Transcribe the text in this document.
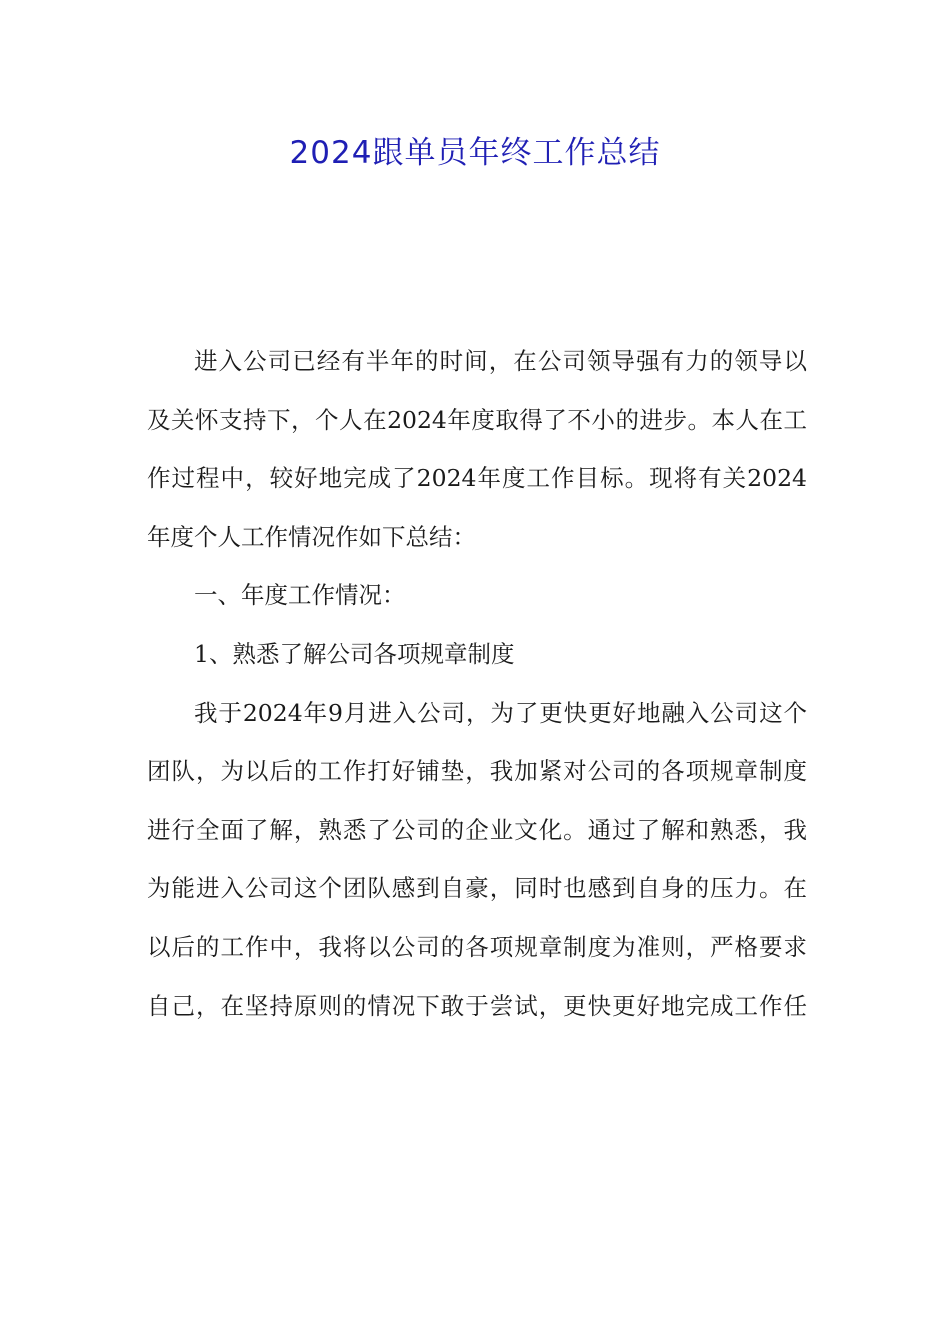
2024跟单员年终工作总结
进入公司已经有半年的时间，在公司领导强有力的领导以
及关怀支持下，个人在2024年度取得了不小的进步。本人在工
作过程中，较好地完成了2024年度工作目标。现将有关2024
年度个人工作情况作如下总结：
一、年度工作情况：
1、熟悉了解公司各项规章制度
我于2024年9月进入公司，为了更快更好地融入公司这个
团队，为以后的工作打好铺垫，我加紧对公司的各项规章制度
进行全面了解，熟悉了公司的企业文化。通过了解和熟悉，我
为能进入公司这个团队感到自豪，同时也感到自身的压力。在
以后的工作中，我将以公司的各项规章制度为准则，严格要求
自己，在坚持原则的情况下敢于尝试，更快更好地完成工作任
